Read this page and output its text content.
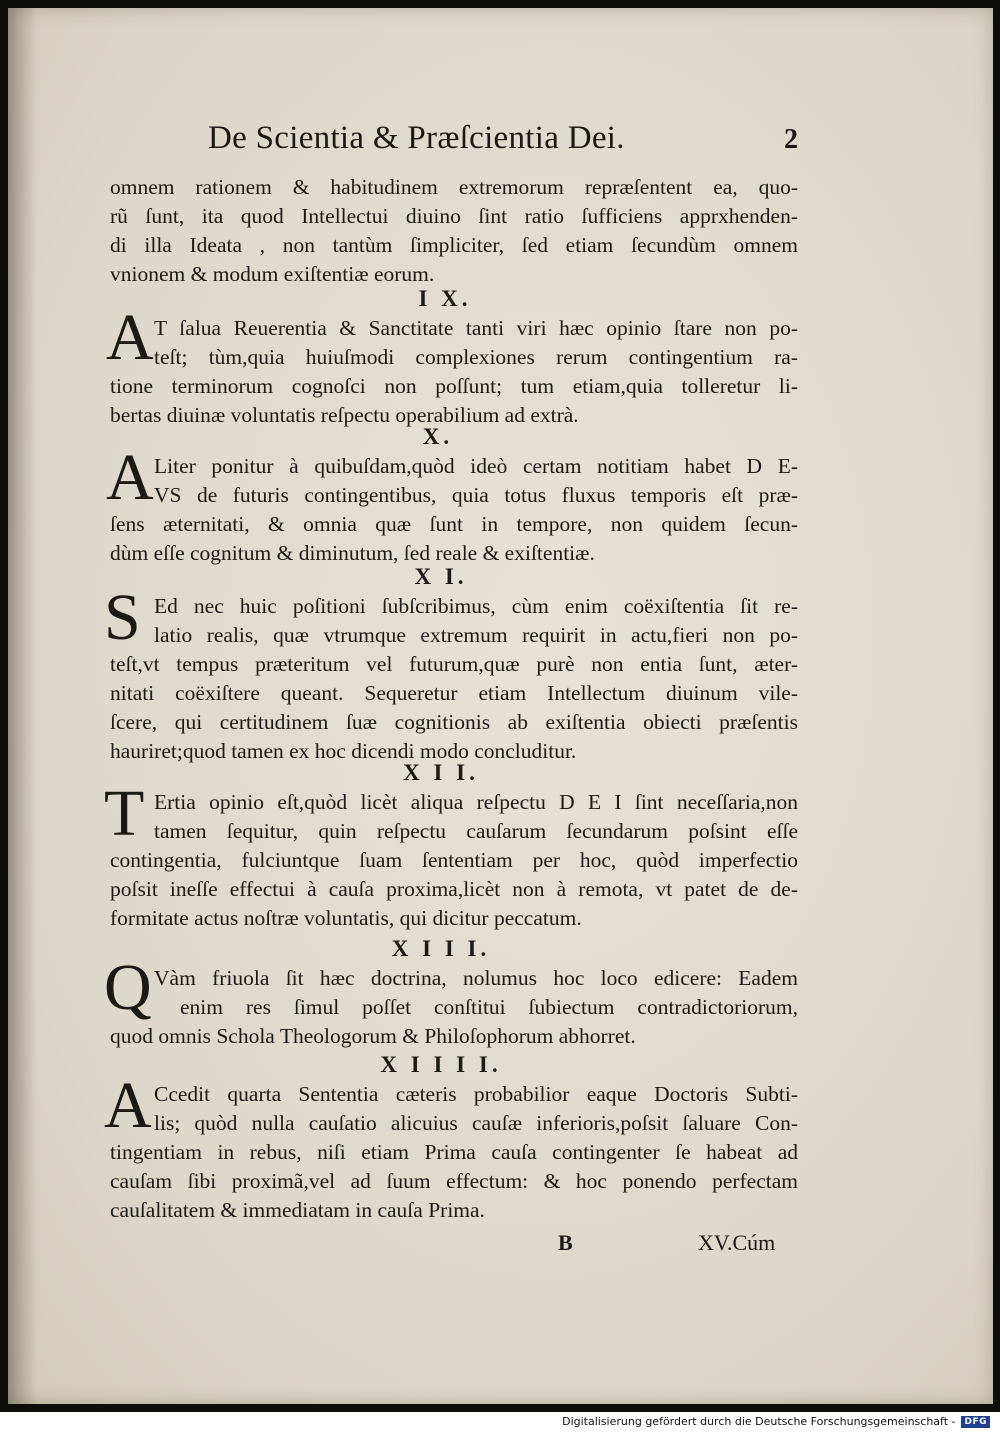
De Scientia & Præſcientia Dei.	2
omnem rationem & habitudinem extremorum repræſentent ea, quo-
rũ ſunt, ita quod Intellectui diuino ſint ratio ſufficiens apprxhenden-
di illa Ideata , non tantùm ſimpliciter, ſed etiam ſecundùm omnem
vnionem & modum exiſtentiæ eorum.
I X.
A T ſalua Reuerentia & Sanctitate tanti viri hæc opinio ſtare non po-
teſt; tùm,quia huiuſmodi complexiones rerum contingentium ra-
tione terminorum cognoſci non poſſunt; tum etiam,quia tolleretur li-
bertas diuinæ voluntatis reſpectu operabilium ad extrà.
X.
A Liter ponitur à quibuſdam,quòd ideò certam notitiam habet D E-
VS de futuris contingentibus, quia totus fluxus temporis eſt præ-
ſens æternitati, & omnia quæ ſunt in tempore, non quidem ſecun-
dùm eſſe cognitum & diminutum, ſed reale & exiſtentiæ.
X I.
S Ed nec huic poſitioni ſubſcribimus, cùm enim coëxiſtentia ſit re-
latio realis, quæ vtrumque extremum requirit in actu,fieri non po-
teſt,vt tempus præteritum vel futurum,quæ purè non entia ſunt, æter-
nitati coëxiſtere queant. Sequeretur etiam Intellectum diuinum vile-
ſcere, qui certitudinem ſuæ cognitionis ab exiſtentia obiecti præſentis
hauriret;quod tamen ex hoc dicendi modo concluditur.
X I I.
T Ertia opinio eſt,quòd licèt aliqua reſpectu D E I ſint neceſſaria,non
tamen ſequitur, quin reſpectu cauſarum ſecundarum poſsint eſſe
contingentia, fulciuntque ſuam ſententiam per hoc, quòd imperfectio
poſsit ineſſe effectui à cauſa proxima,licèt non à remota, vt patet de de-
formitate actus noſtræ voluntatis, qui dicitur peccatum.
X I I I.
Q Vàm friuola ſit hæc doctrina, nolumus hoc loco edicere: Eadem
enim res ſimul poſſet conſtitui ſubiectum contradictoriorum,
quod omnis Schola Theologorum & Philoſophorum abhorret.
X I I I I.
A Ccedit quarta Sententia cæteris probabilior eaque Doctoris Subti-
lis; quòd nulla cauſatio alicuius cauſæ inferioris,poſsit ſaluare Con-
tingentiam in rebus, niſi etiam Prima cauſa contingenter ſe habeat ad
cauſam ſibi proximã,vel ad ſuum effectum: & hoc ponendo perfectam
cauſalitatem & immediatam in cauſa Prima.
B	XV.Cúm
Digitalisierung gefördert durch die Deutsche Forschungsgemeinschaft -	DFG
